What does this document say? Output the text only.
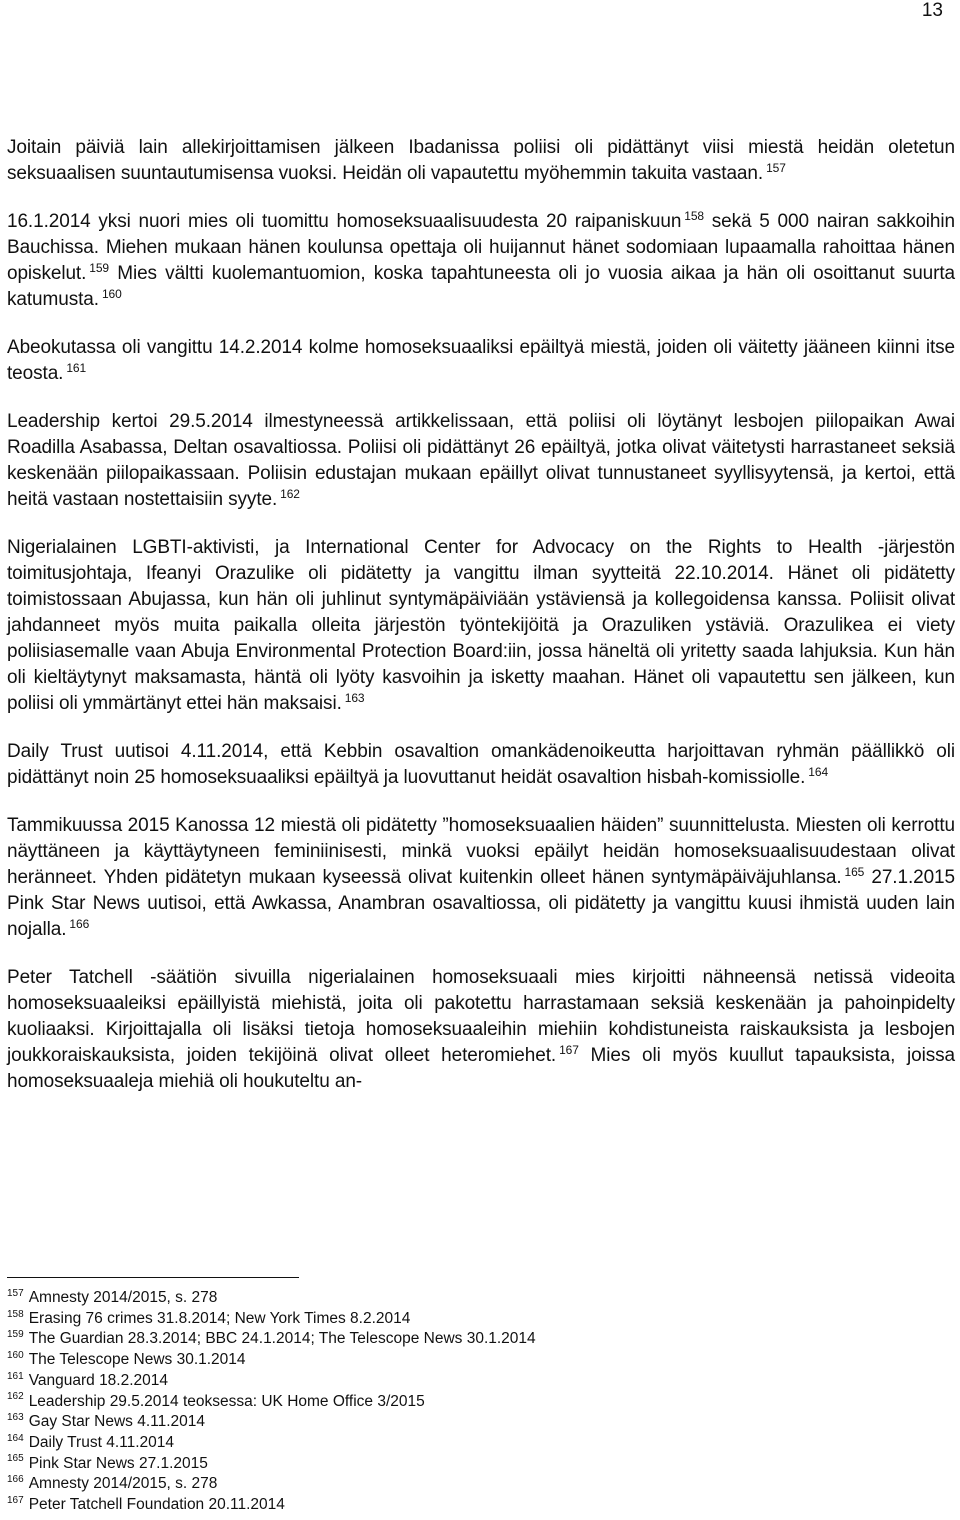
13

Joitain päiviä lain allekirjoittamisen jälkeen Ibadanissa poliisi oli pidättänyt viisi miestä heidän oletetun seksuaalisen suuntautumisensa vuoksi. Heidän oli vapautettu myöhemmin takuita vastaan. $^{157}$

16.1.2014 yksi nuori mies oli tuomittu homoseksuaalisuudesta 20 raipaniskuun $^{158}$ sekä 5 000 nairan sakkoihin Bauchissa. Miehen mukaan hänen koulunsa opettaja oli huijannut hänet sodomiaan lupaamalla rahoittaa hänen opiskelut. $^{159}$ Mies vältti kuolemantuomion, koska tapahtuneesta oli jo vuosia aikaa ja hän oli osoittanut suurta katumusta. $^{160}$

Abeokutassa oli vangittu 14.2.2014 kolme homoseksuaaliksi epäiltyä miestä, joiden oli väitetty jääneen kiinni itse teosta. $^{161}$

Leadership kertoi 29.5.2014 ilmestyneessä artikkelissaan, että poliisi oli löytänyt lesbojen piilopaikan Awai Roadilla Asabassa, Deltan osavaltiossa. Poliisi oli pidättänyt 26 epäiltyä, jotka olivat väitetysti harrastaneet seksiä keskenään piilopaikassaan. Poliisin edustajan mukaan epäillyt olivat tunnustaneet syyllisyytensä, ja kertoi, että heitä vastaan nostettaisiin syyte. $^{162}$

Nigerialainen LGBTI-aktivisti, ja International Center for Advocacy on the Rights to Health -järjestön toimitusjohtaja, Ifeanyi Orazulike oli pidätetty ja vangittu ilman syytteitä 22.10.2014. Hänet oli pidätetty toimistossaan Abujassa, kun hän oli juhlinut syntymäpäiviään ystäviensä ja kollegoidensa kanssa. Poliisit olivat jahdanneet myös muita paikalla olleita järjestön työntekijöitä ja Orazuliken ystäviä. Orazulikea ei viety poliisiasemalle vaan Abuja Environmental Protection Board:iin, jossa häneltä oli yritetty saada lahjuksia. Kun hän oli kieltäytynyt maksamasta, häntä oli lyöty kasvoihin ja isketty maahan. Hänet oli vapautettu sen jälkeen, kun poliisi oli ymmärtänyt ettei hän maksaisi. $^{163}$

Daily Trust uutisoi 4.11.2014, että Kebbin osavaltion omankädenoikeutta harjoittavan ryhmän päällikkö oli pidättänyt noin 25 homoseksuaaliksi epäiltyä ja luovuttanut heidät osavaltion hisbah-komissiolle. $^{164}$

Tammikuussa 2015 Kanossa 12 miestä oli pidätetty ”homoseksuaalien häiden” suunnittelusta. Miesten oli kerrottu näyttäneen ja käyttäytyneen feminiinisesti, minkä vuoksi epäilyt heidän homoseksuaalisuudestaan olivat heränneet. Yhden pidätetyn mukaan kyseessä olivat kuitenkin olleet hänen syntymäpäiväjuhlansa. $^{165}$ 27.1.2015 Pink Star News uutisoi, että Awkassa, Anambran osavaltiossa, oli pidätetty ja vangittu kuusi ihmistä uuden lain nojalla. $^{166}$

Peter Tatchell -säätiön sivuilla nigerialainen homoseksuaali mies kirjoitti nähneensä netissä videoita homoseksuaaleiksi epäillyistä miehistä, joita oli pakotettu harrastamaan seksiä keskenään ja pahoinpidelty kuoliaaksi. Kirjoittajalla oli lisäksi tietoja homoseksuaaleihin miehiin kohdistuneista raiskauksista ja lesbojen joukkoraiskauksista, joiden tekijöinä olivat olleet heteromiehet. $^{167}$ Mies oli myös kuullut tapauksista, joissa homoseksuaaleja miehiä oli houkuteltu an-

$^{157}$ Amnesty 2014/2015, s. 278
$^{158}$ Erasing 76 crimes 31.8.2014; New York Times 8.2.2014
$^{159}$ The Guardian 28.3.2014; BBC 24.1.2014; The Telescope News 30.1.2014
$^{160}$ The Telescope News 30.1.2014
$^{161}$ Vanguard 18.2.2014
$^{162}$ Leadership 29.5.2014 teoksessa: UK Home Office 3/2015
$^{163}$ Gay Star News 4.11.2014
$^{164}$ Daily Trust 4.11.2014
$^{165}$ Pink Star News 27.1.2015
$^{166}$ Amnesty 2014/2015, s. 278
$^{167}$ Peter Tatchell Foundation 20.11.2014
